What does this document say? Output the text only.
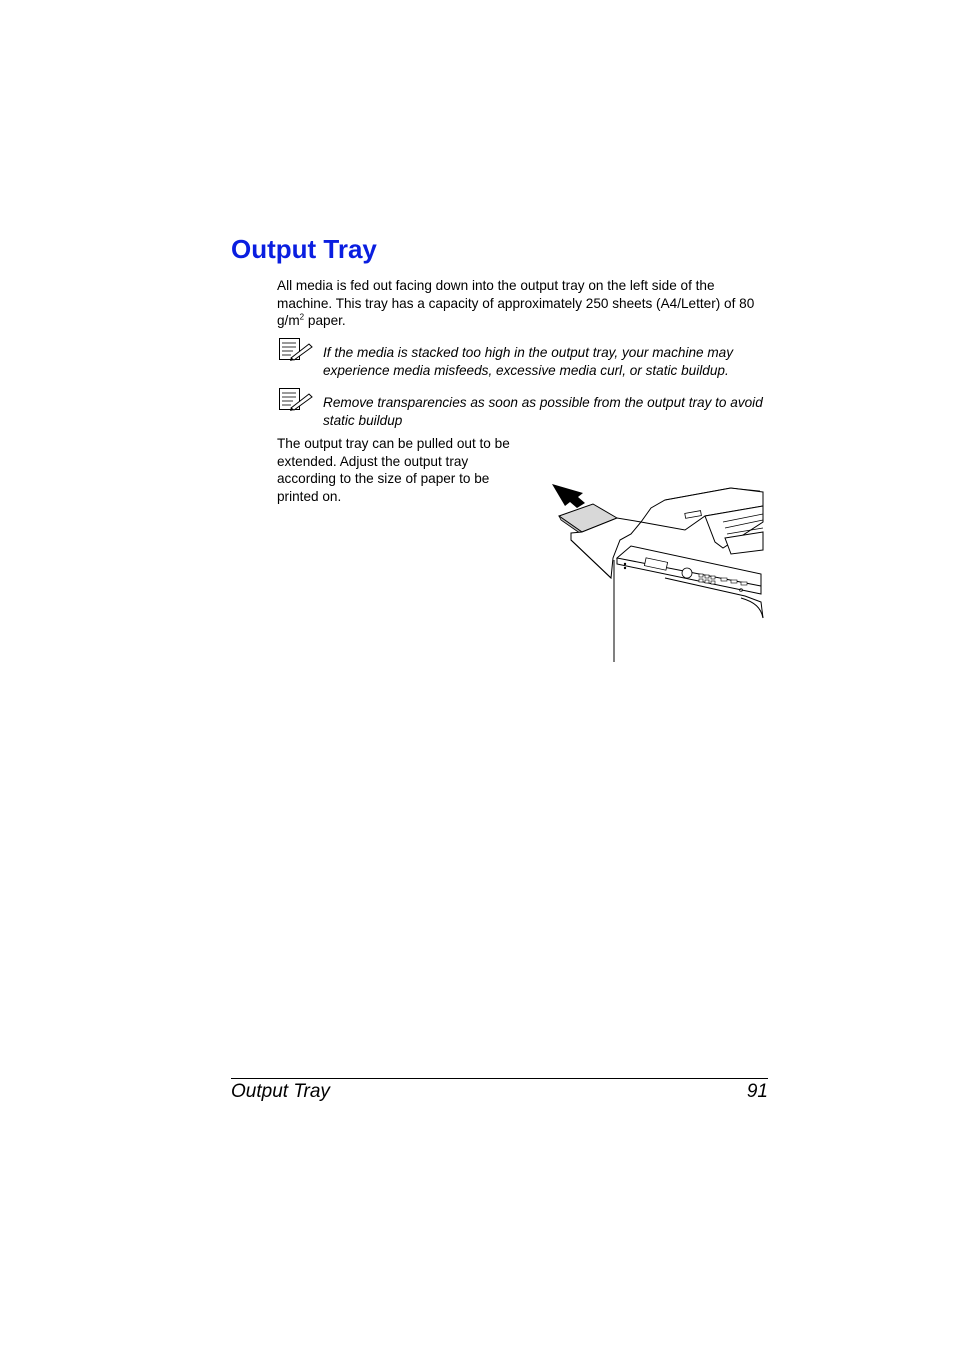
Output Tray

All media is fed out facing down into the output tray on the left side of the machine. This tray has a capacity of approximately 250 sheets (A4/Letter) of 80 $g/m^2$ paper.

If the media is stacked too high in the output tray, your machine may experience media misfeeds, excessive media curl, or static buildup.

Remove transparencies as soon as possible from the output tray to avoid static buildup

The output tray can be pulled out to be extended. Adjust the output tray according to the size of paper to be printed on.

Output Tray	91
